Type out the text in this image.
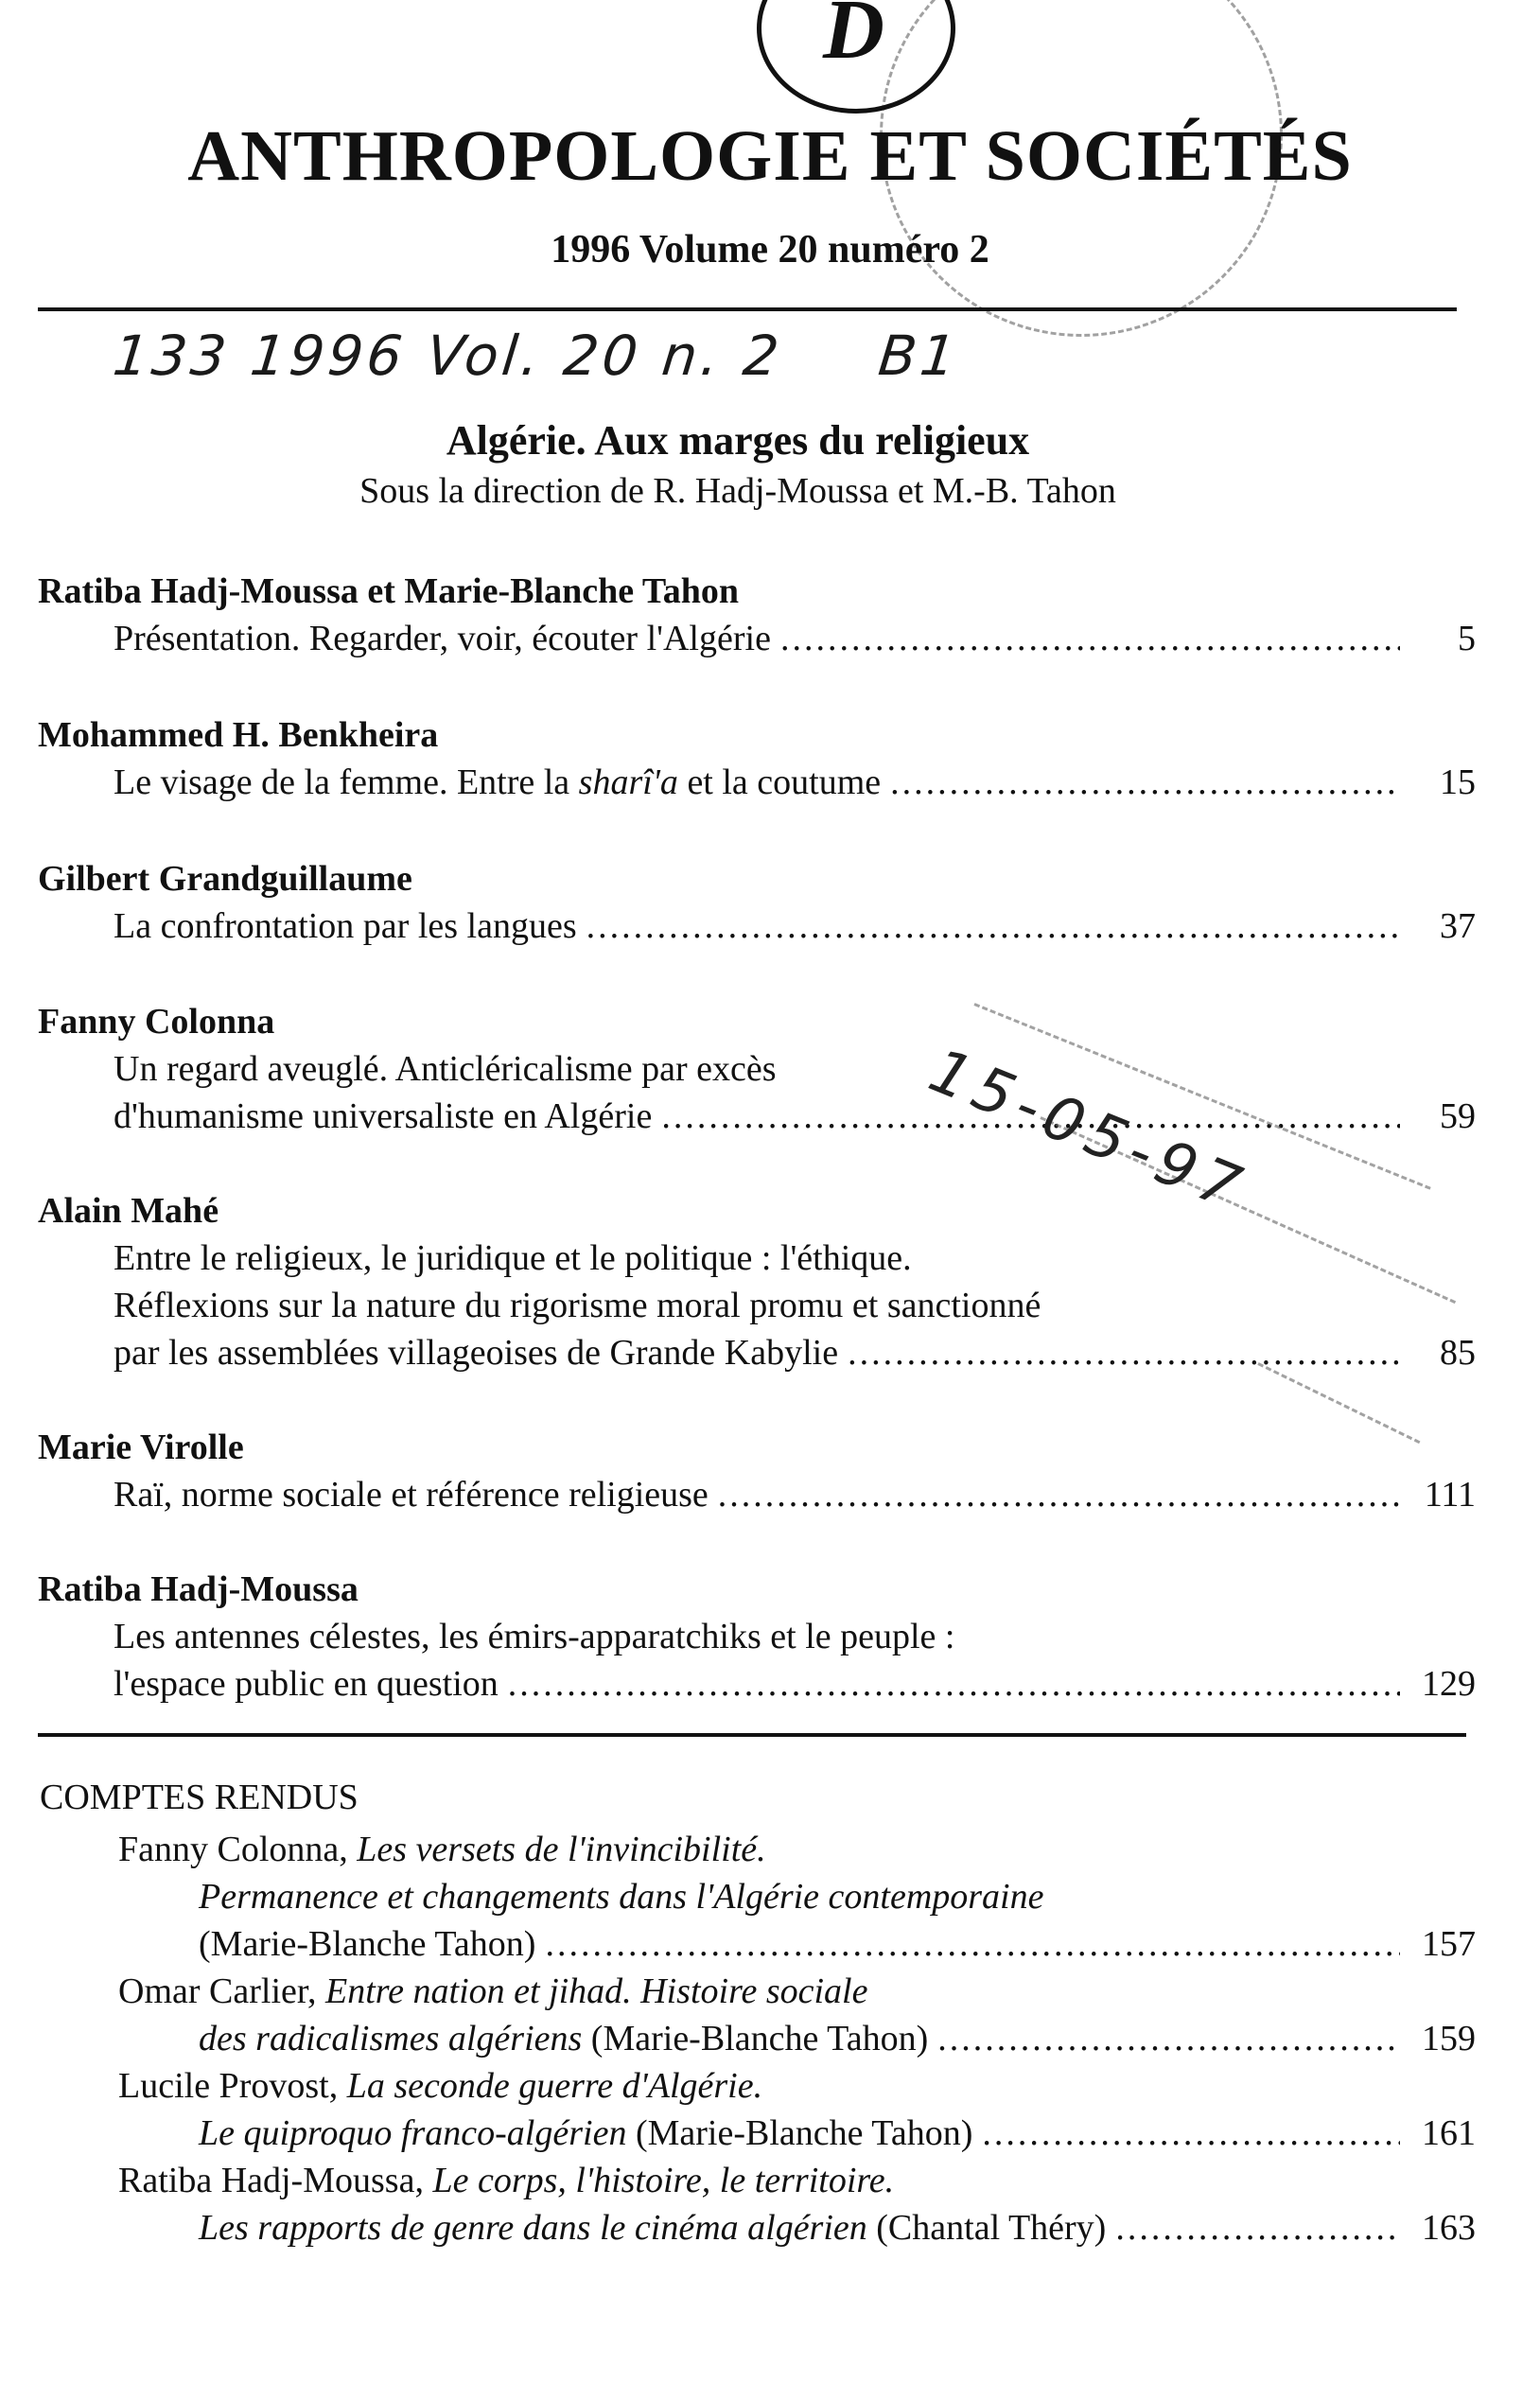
D
ANTHROPOLOGIE ET SOCIÉTÉS
1996 Volume 20 numéro 2
133 1996 Vol. 20 n. 2 B1
Algérie. Aux marges du religieux
Sous la direction de R. Hadj-Moussa et M.-B. Tahon
Ratiba Hadj-Moussa et Marie-Blanche Tahon
Présentation. Regarder, voir, écouter l'Algérie .....	5
Mohammed H. Benkheira
Le visage de la femme. Entre la sharî'a et la coutume .....	15
Gilbert Grandguillaume
La confrontation par les langues .....	37
Fanny Colonna
Un regard aveuglé. Anticléricalisme par excès
d'humanisme universaliste en Algérie .....	59
Alain Mahé
Entre le religieux, le juridique et le politique : l'éthique.
Réflexions sur la nature du rigorisme moral promu et sanctionné
par les assemblées villageoises de Grande Kabylie .....	85
Marie Virolle
Raï, norme sociale et référence religieuse .....	111
Ratiba Hadj-Moussa
Les antennes célestes, les émirs-apparatchiks et le peuple :
l'espace public en question .....	129
COMPTES RENDUS
Fanny Colonna, Les versets de l'invincibilité.
Permanence et changements dans l'Algérie contemporaine
(Marie-Blanche Tahon) .....	157
Omar Carlier, Entre nation et jihad. Histoire sociale
des radicalismes algériens (Marie-Blanche Tahon) .....	159
Lucile Provost, La seconde guerre d'Algérie.
Le quiproquo franco-algérien (Marie-Blanche Tahon) .....	161
Ratiba Hadj-Moussa, Le corps, l'histoire, le territoire.
Les rapports de genre dans le cinéma algérien (Chantal Théry) .....	163
15-05-97
